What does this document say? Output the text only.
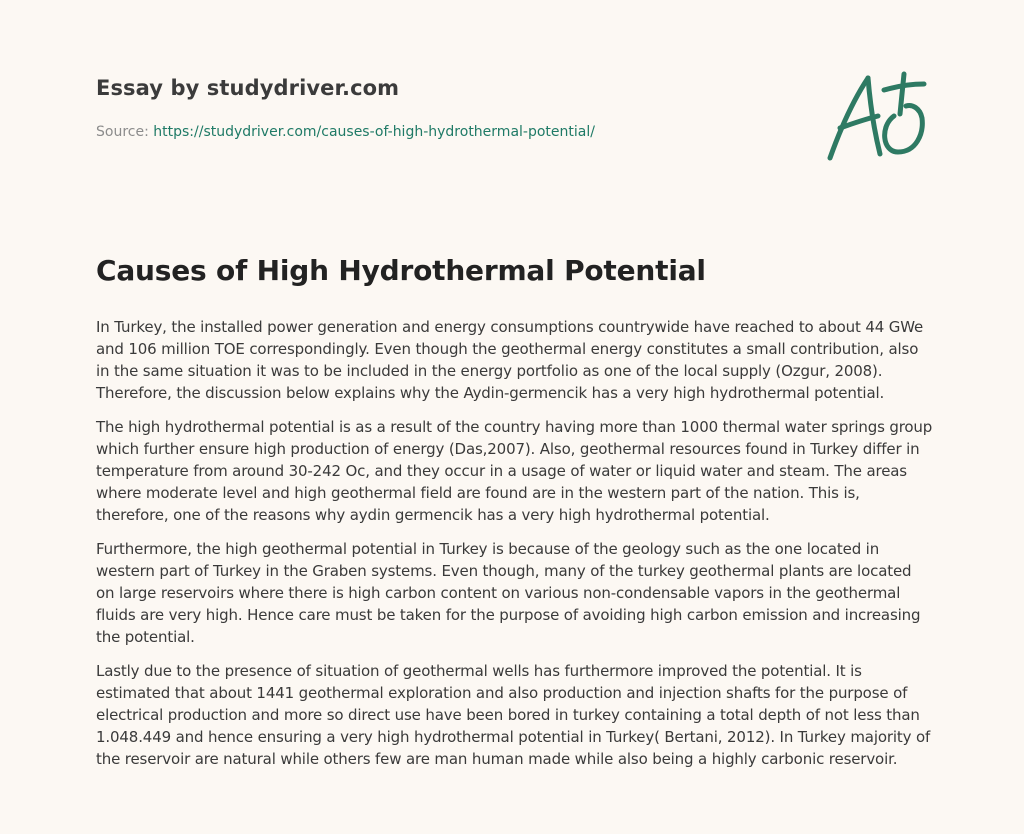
Essay by studydriver.com
Source: https://studydriver.com/causes-of-high-hydrothermal-potential/
Causes of High Hydrothermal Potential

In Turkey, the installed power generation and energy consumptions countrywide have reached to about 44 GWe and 106 million TOE correspondingly. Even though the geothermal energy constitutes a small contribution, also in the same situation it was to be included in the energy portfolio as one of the local supply (Ozgur, 2008). Therefore, the discussion below explains why the Aydin-germencik has a very high hydrothermal potential.

The high hydrothermal potential is as a result of the country having more than 1000 thermal water springs group which further ensure high production of energy (Das,2007). Also, geothermal resources found in Turkey differ in temperature from around 30-242 Oc, and they occur in a usage of water or liquid water and steam. The areas where moderate level and high geothermal field are found are in the western part of the nation. This is, therefore, one of the reasons why aydin germencik has a very high hydrothermal potential.

Furthermore, the high geothermal potential in Turkey is because of the geology such as the one located in western part of Turkey in the Graben systems. Even though, many of the turkey geothermal plants are located on large reservoirs where there is high carbon content on various non-condensable vapors in the geothermal fluids are very high. Hence care must be taken for the purpose of avoiding high carbon emission and increasing the potential.

Lastly due to the presence of situation of geothermal wells has furthermore improved the potential. It is estimated that about 1441 geothermal exploration and also production and injection shafts for the purpose of electrical production and more so direct use have been bored in turkey containing a total depth of not less than 1.048.449 and hence ensuring a very high hydrothermal potential in Turkey( Bertani, 2012). In Turkey majority of the reservoir are natural while others few are man human made while also being a highly carbonic reservoir.
